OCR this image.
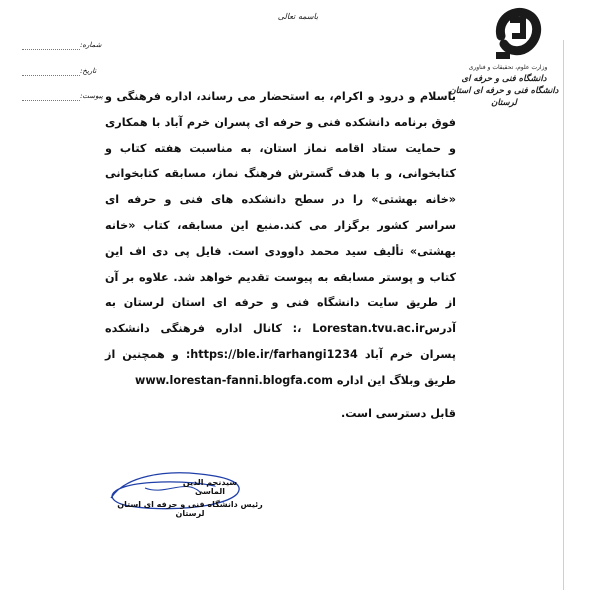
وزارت علوم، تحقیقات و فناوری
دانشگاه فنی و حرفه ای
دانشگاه فنی و حرفه ای استان لرستان
باسمه تعالی
شماره:
تاریخ:
پیوست: باسلام و درود و اکرام، به استحضار می رساند، اداره فرهنگی و فوق برنامه دانشکده فنی و حرفه ای پسران خرم آباد با همکاری و حمایت ستاد اقامه نماز استان، به مناسبت هفته کتاب و کتابخوانی، و با هدف گسترش فرهنگ نماز، مسابقه کتابخوانی «خانه بهشتی» را در سطح دانشکده های فنی و حرفه ای سراسر کشور برگزار می کند.منبع این مسابقه، کتاب «خانه بهشتی» تألیف سید محمد داوودی است. فایل پی دی اف این کتاب و پوستر مسابقه به پیوست تقدیم خواهد شد. علاوه بر آن از طریق سایت دانشگاه فنی و حرفه ای استان لرستان به آدرسLorestan.tvu.ac.ir ،: کانال اداره فرهنگی دانشکده پسران خرم آباد https://ble.ir/farhangi1234: و همچنین از طریق وبلاگ این اداره www.lorestan-fanni.blogfa.com

قابل دسترسی است.

سیدنجم الدین الماسی
رئیس دانشگاه فنی و حرفه ای استان لرستان
